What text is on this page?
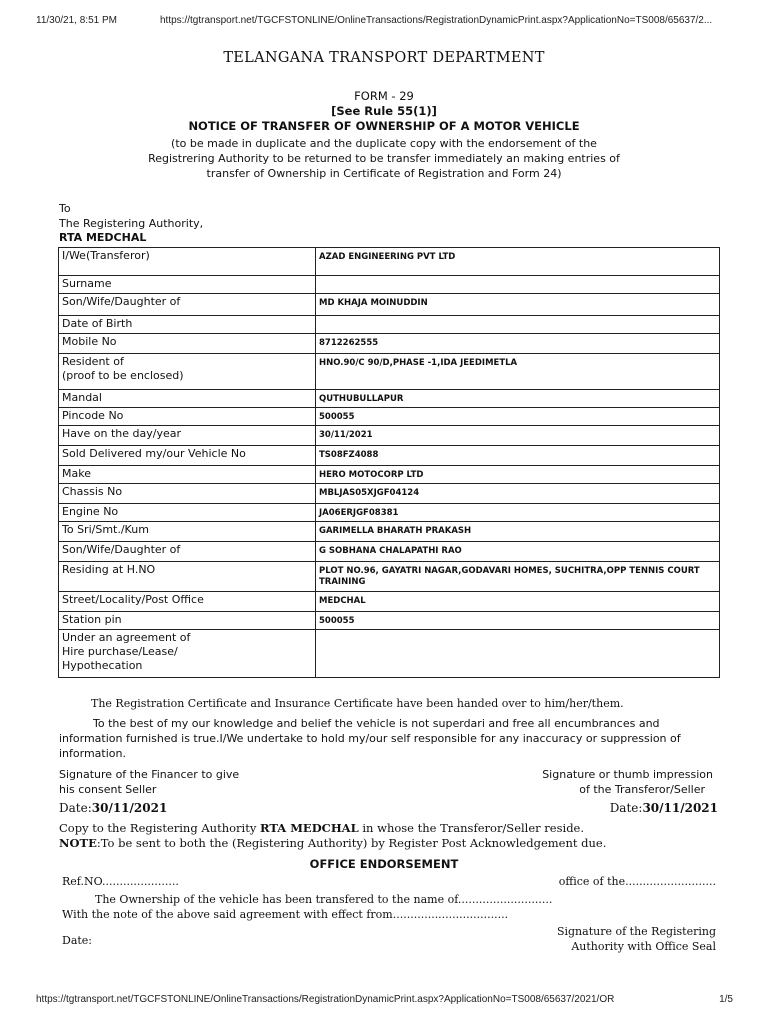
11/30/21, 8:51 PM	https://tgtransport.net/TGCFSTONLINE/OnlineTransactions/RegistrationDynamicPrint.aspx?ApplicationNo=TS008/65637/2...
TELANGANA TRANSPORT DEPARTMENT
FORM - 29
[See Rule 55(1)]
NOTICE OF TRANSFER OF OWNERSHIP OF A MOTOR VEHICLE
(to be made in duplicate and the duplicate copy with the endorsement of the
Registrering Authority to be returned to be transfer immediately an making entries of
transfer of Ownership in Certificate of Registration and Form 24)
To
The Registering Authority,
RTA MEDCHAL
I/We(Transferor)	AZAD ENGINEERING PVT LTD
Surname	
Son/Wife/Daughter of	MD KHAJA MOINUDDIN
Date of Birth	
Mobile No	8712262555
Resident of
(proof to be enclosed)	HNO.90/C 90/D,PHASE -1,IDA JEEDIMETLA
Mandal	QUTHUBULLAPUR
Pincode No	500055
Have on the day/year	30/11/2021
Sold Delivered my/our Vehicle No	TS08FZ4088
Make	HERO MOTOCORP LTD
Chassis No	MBLJAS05XJGF04124
Engine No	JA06ERJGF08381
To Sri/Smt./Kum	GARIMELLA BHARATH PRAKASH
Son/Wife/Daughter of	G SOBHANA CHALAPATHI RAO
Residing at H.NO	PLOT NO.96, GAYATRI NAGAR,GODAVARI HOMES, SUCHITRA,OPP TENNIS COURT TRAINING
Street/Locality/Post Office	MEDCHAL
Station pin	500055
Under an agreement of
Hire purchase/Lease/
Hypothecation	
The Registration Certificate and Insurance Certificate have been handed over to him/her/them.
To the best of my our knowledge and belief the vehicle is not superdari and free all encumbrances and information furnished is true.I/We undertake to hold my/our self responsible for any inaccuracy or suppression of information.
Signature of the Financer to give
his consent Seller
Signature or thumb impression
of the Transferor/Seller
Date:30/11/2021	Date:30/11/2021
Copy to the Registering Authority RTA MEDCHAL in whose the Transferor/Seller reside.
NOTE:To be sent to both the (Registering Authority) by Register Post Acknowledgement due.
OFFICE ENDORSEMENT
Ref.NO......................	office of the..........................
The Ownership of the vehicle has been transfered to the name of...........................
With the note of the above said agreement with effect from.................................
Date:
Signature of the Registering
Authority with Office Seal
https://tgtransport.net/TGCFSTONLINE/OnlineTransactions/RegistrationDynamicPrint.aspx?ApplicationNo=TS008/65637/2021/OR	1/5
